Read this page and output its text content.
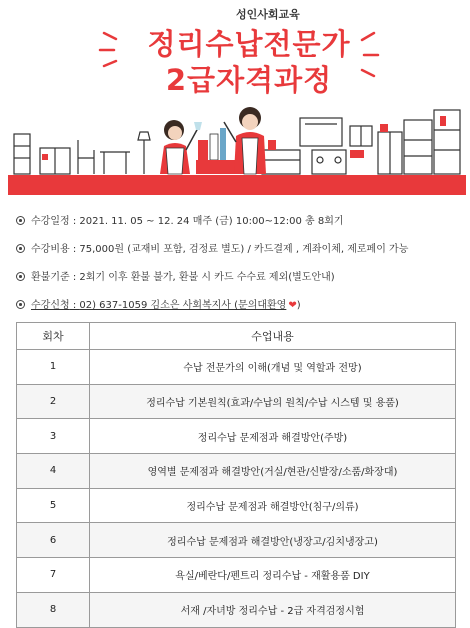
성인사회교육
정리수납전문가
2급자격과정
수강일정 : 2021. 11. 05 ~ 12. 24 매주 (금) 10:00~12:00 총 8회기
수강비용 : 75,000원 (교재비 포함, 검정료 별도) / 카드결제 , 계좌이체, 제로페이 가능
환불기준 : 2회기 이후 환불 불가, 환불 시 카드 수수료 제외(별도안내)
수강신청 : 02) 637-1059 김소은 사회복지사 (문의대환영 ❤)
회차	수업내용
1	수납 전문가의 이해(개념 및 역할과 전망)
2	정리수납 기본원칙(효과/수납의 원칙/수납 시스템 및 용품)
3	정리수납 문제점과 해결방안(주방)
4	영역별 문제점과 해결방안(거실/현관/신발장/소품/화장대)
5	정리수납 문제점과 해결방안(침구/의류)
6	정리수납 문제점과 해결방안(냉장고/김치냉장고)
7	욕실/베란다/펜트리 정리수납 - 재활용품 DIY
8	서재 /자녀방 정리수납 - 2급 자격검정시험
